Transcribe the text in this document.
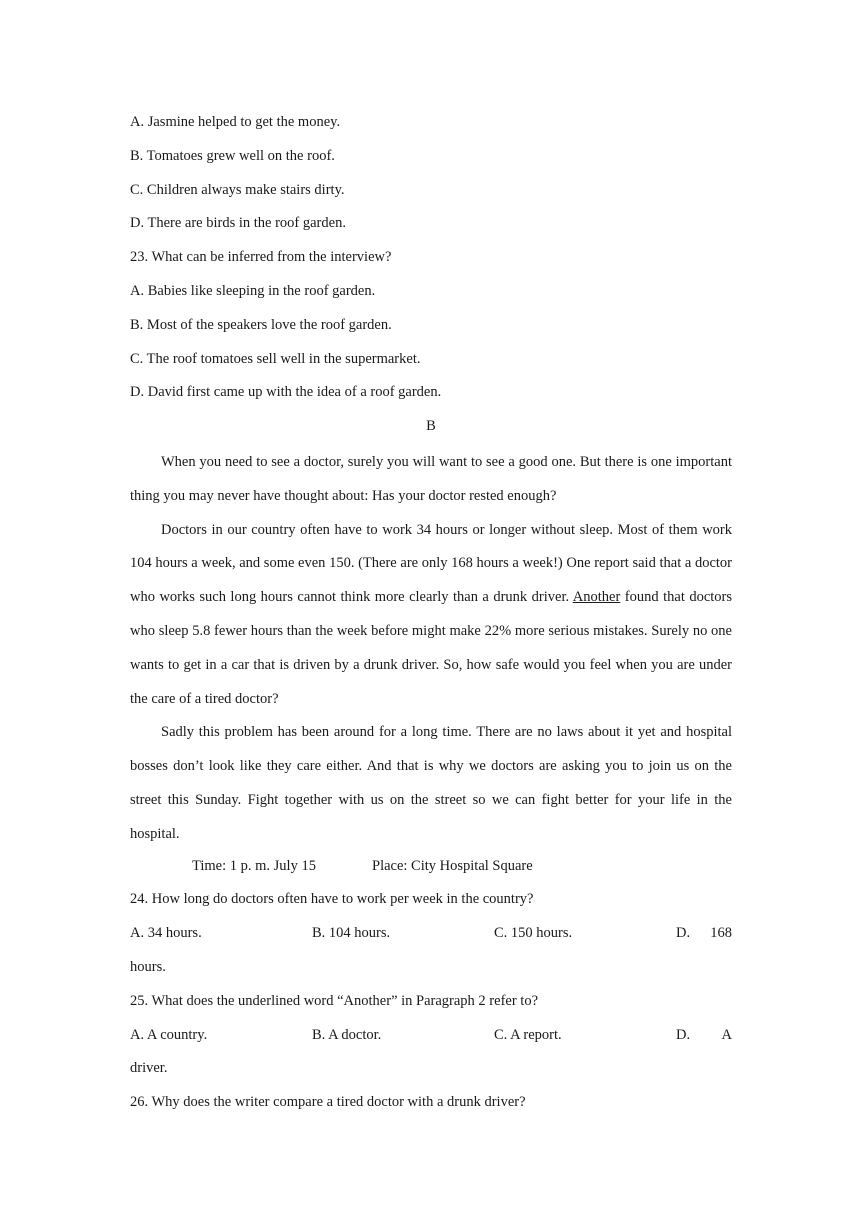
A. Jasmine helped to get the money.
B. Tomatoes grew well on the roof.
C. Children always make stairs dirty.
D. There are birds in the roof garden.
23. What can be inferred from the interview?
A. Babies like sleeping in the roof garden.
B. Most of the speakers love the roof garden.
C. The roof tomatoes sell well in the supermarket.
D. David first came up with the idea of a roof garden.
B

When you need to see a doctor, surely you will want to see a good one. But there is one important thing you may never have thought about: Has your doctor rested enough?

Doctors in our country often have to work 34 hours or longer without sleep. Most of them work 104 hours a week, and some even 150. (There are only 168 hours a week!) One report said that a doctor who works such long hours cannot think more clearly than a drunk driver. Another found that doctors who sleep 5.8 fewer hours than the week before might make 22% more serious mistakes. Surely no one wants to get in a car that is driven by a drunk driver. So, how safe would you feel when you are under the care of a tired doctor?

Sadly this problem has been around for a long time. There are no laws about it yet and hospital bosses don’t look like they care either. And that is why we doctors are asking you to join us on the street this Sunday. Fight together with us on the street so we can fight better for your life in the hospital.

Time: 1 p. m. July 15	Place: City Hospital Square
24. How long do doctors often have to work per week in the country?
A. 34 hours.	B. 104 hours.	C. 150 hours.	D. 168
hours.
25. What does the underlined word “Another” in Paragraph 2 refer to?
A. A country.	B. A doctor.	C. A report.	D. A
driver.
26. Why does the writer compare a tired doctor with a drunk driver?
